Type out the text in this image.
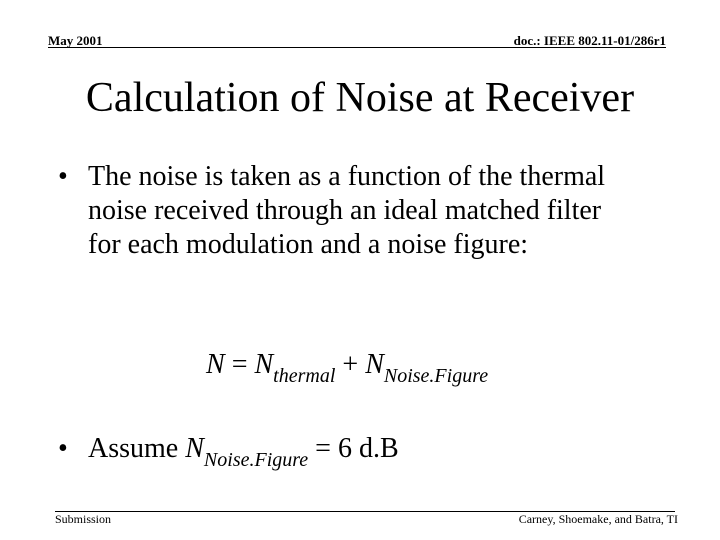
May 2001	doc.: IEEE 802.11-01/286r1
Calculation of Noise at Receiver
• The noise is taken as a function of the thermal noise received through an ideal matched filter for each modulation and a noise figure:
$N = N_{thermal} + N_{Noise.Figure}$
• Assume $N_{Noise.Figure} = 6$ d.B
Submission	Carney, Shoemake, and Batra, TI
